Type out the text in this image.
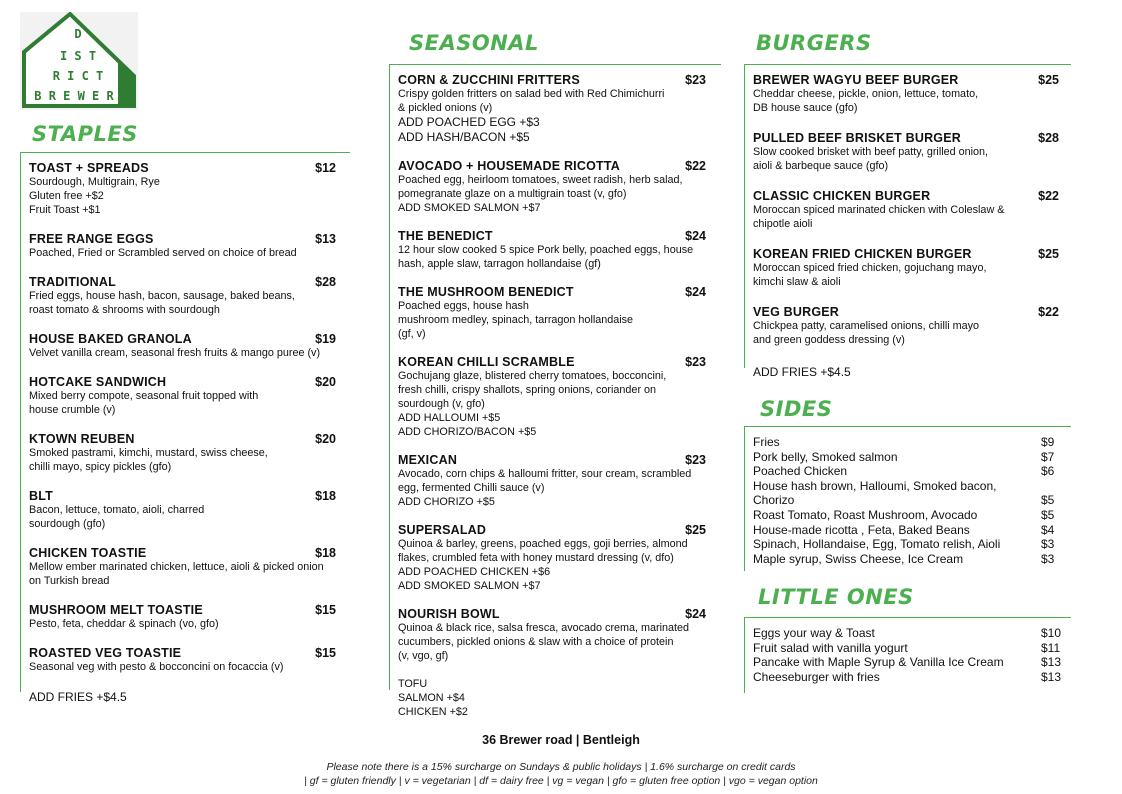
D
I S T
R I C T
B R E W E R
STAPLES
SEASONAL	BURGERS
SIDES
LITTLE ONES
TOAST + SPREADS	$12
Sourdough, Multigrain, Rye
Gluten free +$2
Fruit Toast +$1
FREE RANGE EGGS	$13
Poached, Fried or Scrambled served on choice of bread
TRADITIONAL	$28
Fried eggs, house hash, bacon, sausage, baked beans,
roast tomato & shrooms with sourdough
HOUSE BAKED GRANOLA	$19
Velvet vanilla cream, seasonal fresh fruits & mango puree (v)
HOTCAKE SANDWICH	$20
Mixed berry compote, seasonal fruit topped with
house crumble (v)
KTOWN REUBEN	$20
Smoked pastrami, kimchi, mustard, swiss cheese,
chilli mayo, spicy pickles (gfo)
BLT	$18
Bacon, lettuce, tomato, aioli, charred
sourdough (gfo)
CHICKEN TOASTIE	$18
Mellow ember marinated chicken, lettuce, aioli & picked onion
on Turkish bread
MUSHROOM MELT TOASTIE	$15
Pesto, feta, cheddar & spinach (vo, gfo)
ROASTED VEG TOASTIE	$15
Seasonal veg with pesto & bocconcini on focaccia (v)
ADD FRIES +$4.5
CORN & ZUCCHINI FRITTERS	$23
Crispy golden fritters on salad bed with Red Chimichurri
& pickled onions (v)
ADD POACHED EGG +$3
ADD HASH/BACON +$5
AVOCADO + HOUSEMADE RICOTTA	$22
Poached egg, heirloom tomatoes, sweet radish, herb salad,
pomegranate glaze on a multigrain toast (v, gfo)
ADD SMOKED SALMON +$7
THE BENEDICT	$24
12 hour slow cooked 5 spice Pork belly, poached eggs, house
hash, apple slaw, tarragon hollandaise (gf)
THE MUSHROOM BENEDICT	$24
Poached eggs, house hash
mushroom medley, spinach, tarragon hollandaise
(gf, v)
KOREAN CHILLI SCRAMBLE	$23
Gochujang glaze, blistered cherry tomatoes, bocconcini,
fresh chilli, crispy shallots, spring onions, coriander on
sourdough (v, gfo)
ADD HALLOUMI +$5
ADD CHORIZO/BACON +$5
MEXICAN	$23
Avocado, corn chips & halloumi fritter, sour cream, scrambled
egg, fermented Chilli sauce (v)
ADD CHORIZO +$5
SUPERSALAD	$25
Quinoa & barley, greens, poached eggs, goji berries, almond
flakes, crumbled feta with honey mustard dressing (v, dfo)
ADD POACHED CHICKEN +$6
ADD SMOKED SALMON +$7
NOURISH BOWL	$24
Quinoa & black rice, salsa fresca, avocado crema, marinated
cucumbers, pickled onions & slaw with a choice of protein
(v, vgo, gf)

TOFU
SALMON +$4
CHICKEN +$2
BREWER WAGYU BEEF BURGER	$25
Cheddar cheese, pickle, onion, lettuce, tomato,
DB house sauce (gfo)
PULLED BEEF BRISKET BURGER	$28
Slow cooked brisket with beef patty, grilled onion,
aioli & barbeque sauce (gfo)
CLASSIC CHICKEN BURGER	$22
Moroccan spiced marinated chicken with Coleslaw &
chipotle aioli
KOREAN FRIED CHICKEN BURGER	$25
Moroccan spiced fried chicken, gojuchang mayo,
kimchi slaw & aioli
VEG BURGER	$22
Chickpea patty, caramelised onions, chilli mayo
and green goddess dressing (v)
ADD FRIES +$4.5
Fries	$9
Pork belly, Smoked salmon	$7
Poached Chicken	$6
House hash brown, Halloumi, Smoked bacon,
Chorizo	$5
Roast Tomato, Roast Mushroom, Avocado	$5
House-made ricotta , Feta, Baked Beans	$4
Spinach, Hollandaise, Egg, Tomato relish, Aioli	$3
Maple syrup, Swiss Cheese, Ice Cream	$3
Eggs your way & Toast	$10
Fruit salad with vanilla yogurt	$11
Pancake with Maple Syrup & Vanilla Ice Cream	$13
Cheeseburger with fries	$13
36 Brewer road | Bentleigh
Please note there is a 15% surcharge on Sundays & public holidays | 1.6% surcharge on credit cards
| gf = gluten friendly | v = vegetarian | df = dairy free | vg = vegan | gfo = gluten free option | vgo = vegan option
